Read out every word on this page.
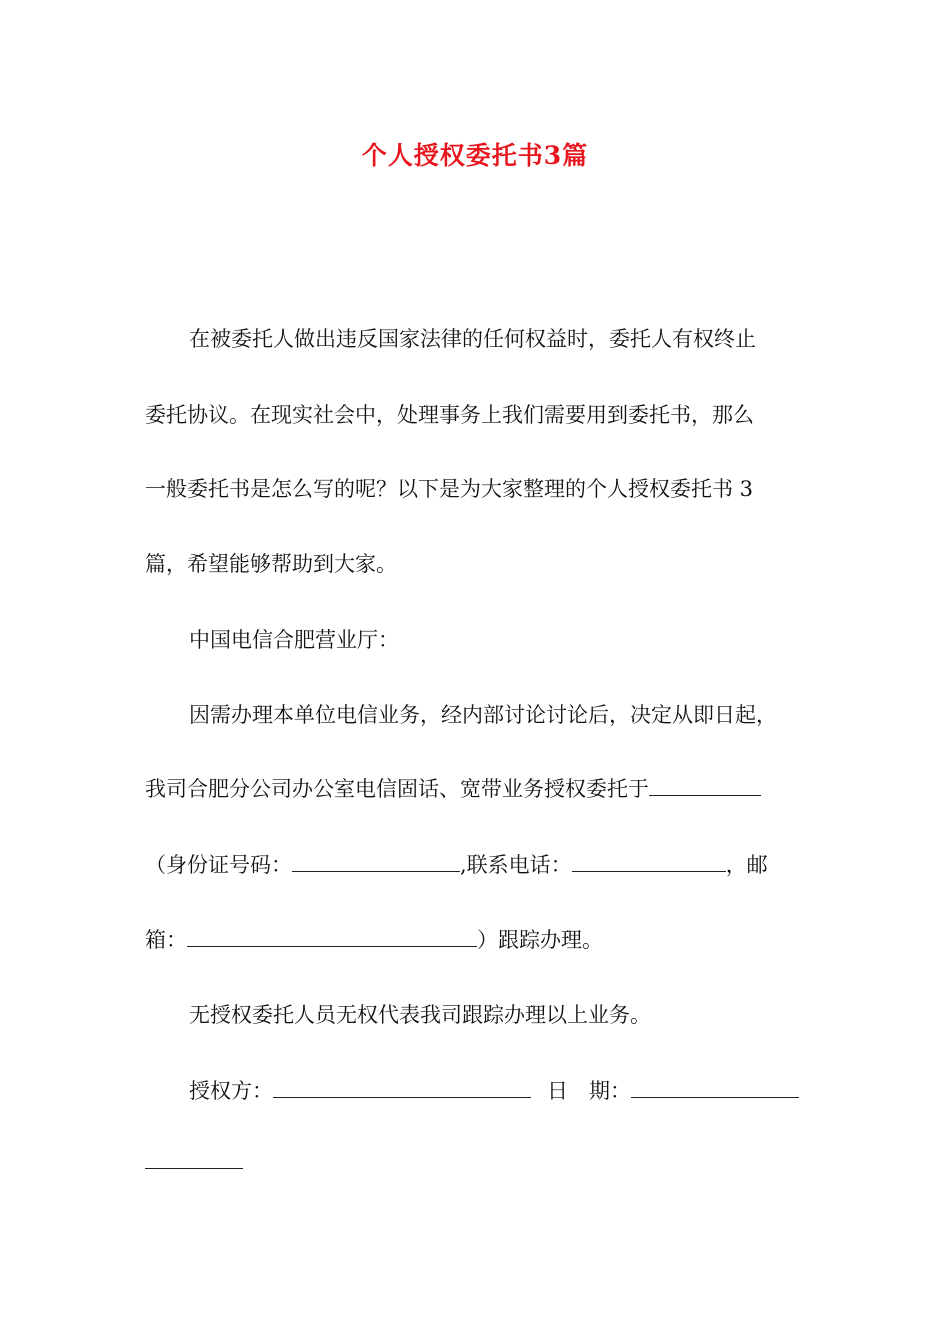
个人授权委托书3篇
在被委托人做出违反国家法律的任何权益时，委托人有权终止
委托协议。在现实社会中，处理事务上我们需要用到委托书，那么
一般委托书是怎么写的呢？以下是为大家整理的个人授权委托书 3
篇，希望能够帮助到大家。
中国电信合肥营业厅：
因需办理本单位电信业务，经内部讨论讨论后，决定从即日起，
我司合肥分公司办公室电信固话、宽带业务授权委托于
（身份证号码：	,联系电话：	，邮
箱：	）跟踪办理。
无授权委托人员无权代表我司跟踪办理以上业务。
授权方：	日　期：
